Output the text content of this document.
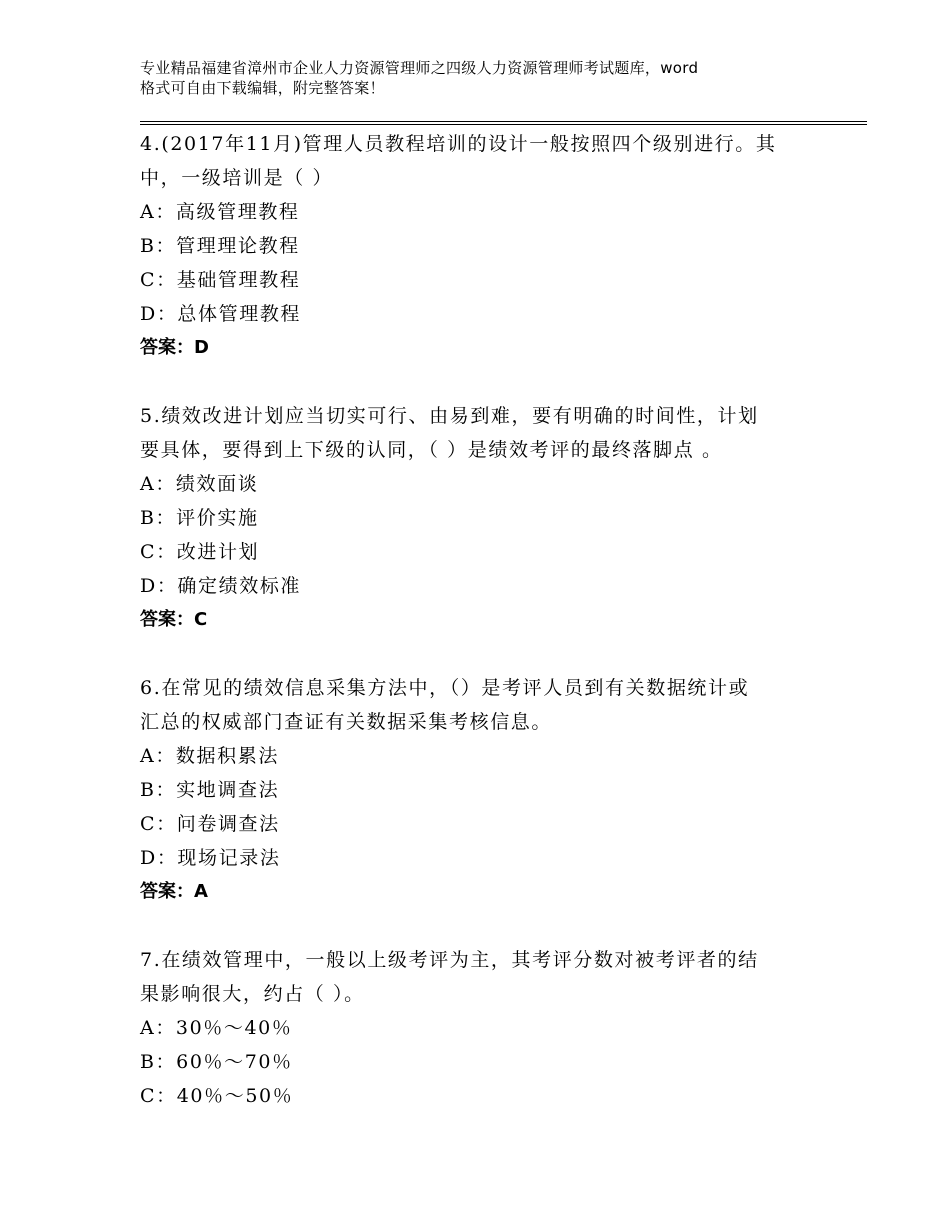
专业精品福建省漳州市企业人力资源管理师之四级人力资源管理师考试题库，word
格式可自由下载编辑，附完整答案！
4.(2017年11月)管理人员教程培训的设计一般按照四个级别进行。其
中，一级培训是（ ）
A：高级管理教程
B：管理理论教程
C：基础管理教程
D：总体管理教程
答案：D
5.绩效改进计划应当切实可行、由易到难，要有明确的时间性，计划
要具体，要得到上下级的认同，（ ）是绩效考评的最终落脚点 。
A：绩效面谈
B：评价实施
C：改进计划
D：确定绩效标准
答案：C
6.在常见的绩效信息采集方法中，（）是考评人员到有关数据统计或
汇总的权威部门查证有关数据采集考核信息。
A：数据积累法
B：实地调查法
C：问卷调查法
D：现场记录法
答案：A
7.在绩效管理中，一般以上级考评为主，其考评分数对被考评者的结
果影响很大，约占（ ）。
A：30％～40％
B：60％～70％
C：40％～50％
